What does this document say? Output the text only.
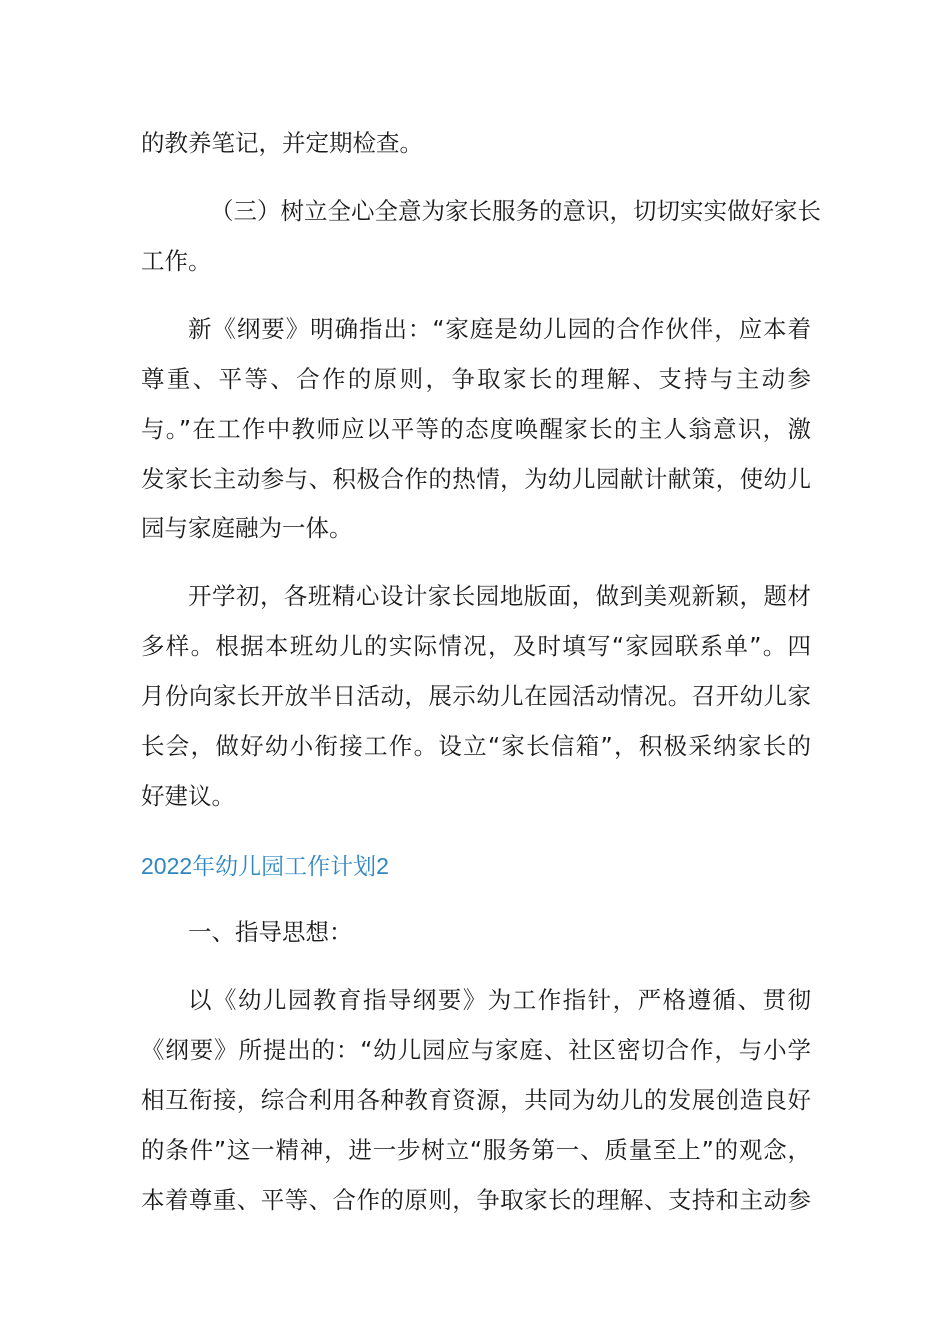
的教养笔记，并定期检查。
（三）树立全心全意为家长服务的意识，切切实实做好家长
工作。
新《纲要》明确指出：“家庭是幼儿园的合作伙伴，应本着
尊重、平等、合作的原则，争取家长的理解、支持与主动参
与。”在工作中教师应以平等的态度唤醒家长的主人翁意识，激
发家长主动参与、积极合作的热情，为幼儿园献计献策，使幼儿
园与家庭融为一体。
开学初，各班精心设计家长园地版面，做到美观新颖，题材
多样。根据本班幼儿的实际情况，及时填写“家园联系单”。四
月份向家长开放半日活动，展示幼儿在园活动情况。召开幼儿家
长会，做好幼小衔接工作。设立“家长信箱”，积极采纳家长的
好建议。
2022年幼儿园工作计划2
一、指导思想：
以《幼儿园教育指导纲要》为工作指针，严格遵循、贯彻
《纲要》所提出的：“幼儿园应与家庭、社区密切合作，与小学
相互衔接，综合利用各种教育资源，共同为幼儿的发展创造良好
的条件”这一精神，进一步树立“服务第一、质量至上”的观念，
本着尊重、平等、合作的原则，争取家长的理解、支持和主动参
